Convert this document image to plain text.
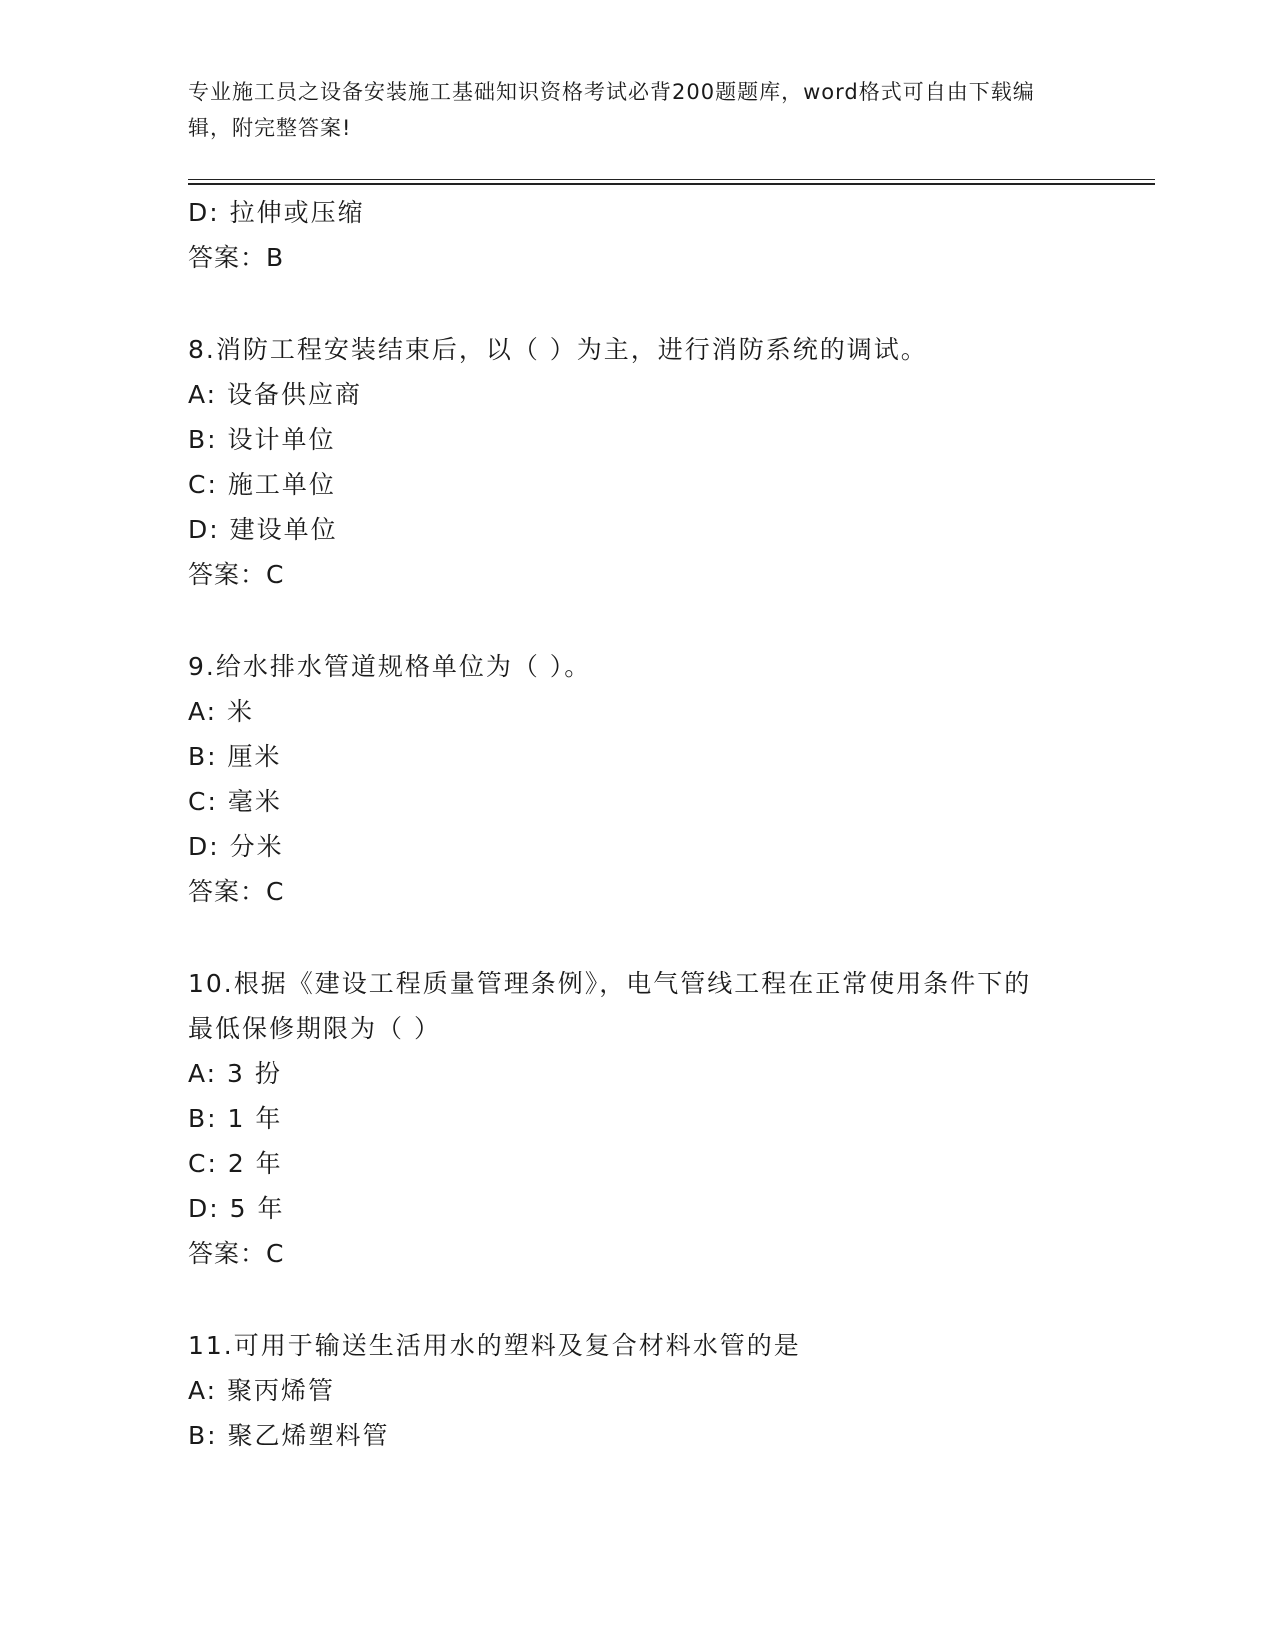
专业施工员之设备安装施工基础知识资格考试必背200题题库，word格式可自由下载编辑，附完整答案!
D: 拉伸或压缩
答案：B
8.消防工程安装结束后，以（ ）为主，进行消防系统的调试。
A: 设备供应商
B: 设计单位
C: 施工单位
D: 建设单位
答案：C
9.给水排水管道规格单位为（ ）。
A: 米
B: 厘米
C: 毫米
D: 分米
答案：C
10.根据《建设工程质量管理条例》，电气管线工程在正常使用条件下的最低保修期限为（ ）
A: 3 扮
B: 1 年
C: 2 年
D: 5 年
答案：C
11.可用于输送生活用水的塑料及复合材料水管的是
A: 聚丙烯管
B: 聚乙烯塑料管
